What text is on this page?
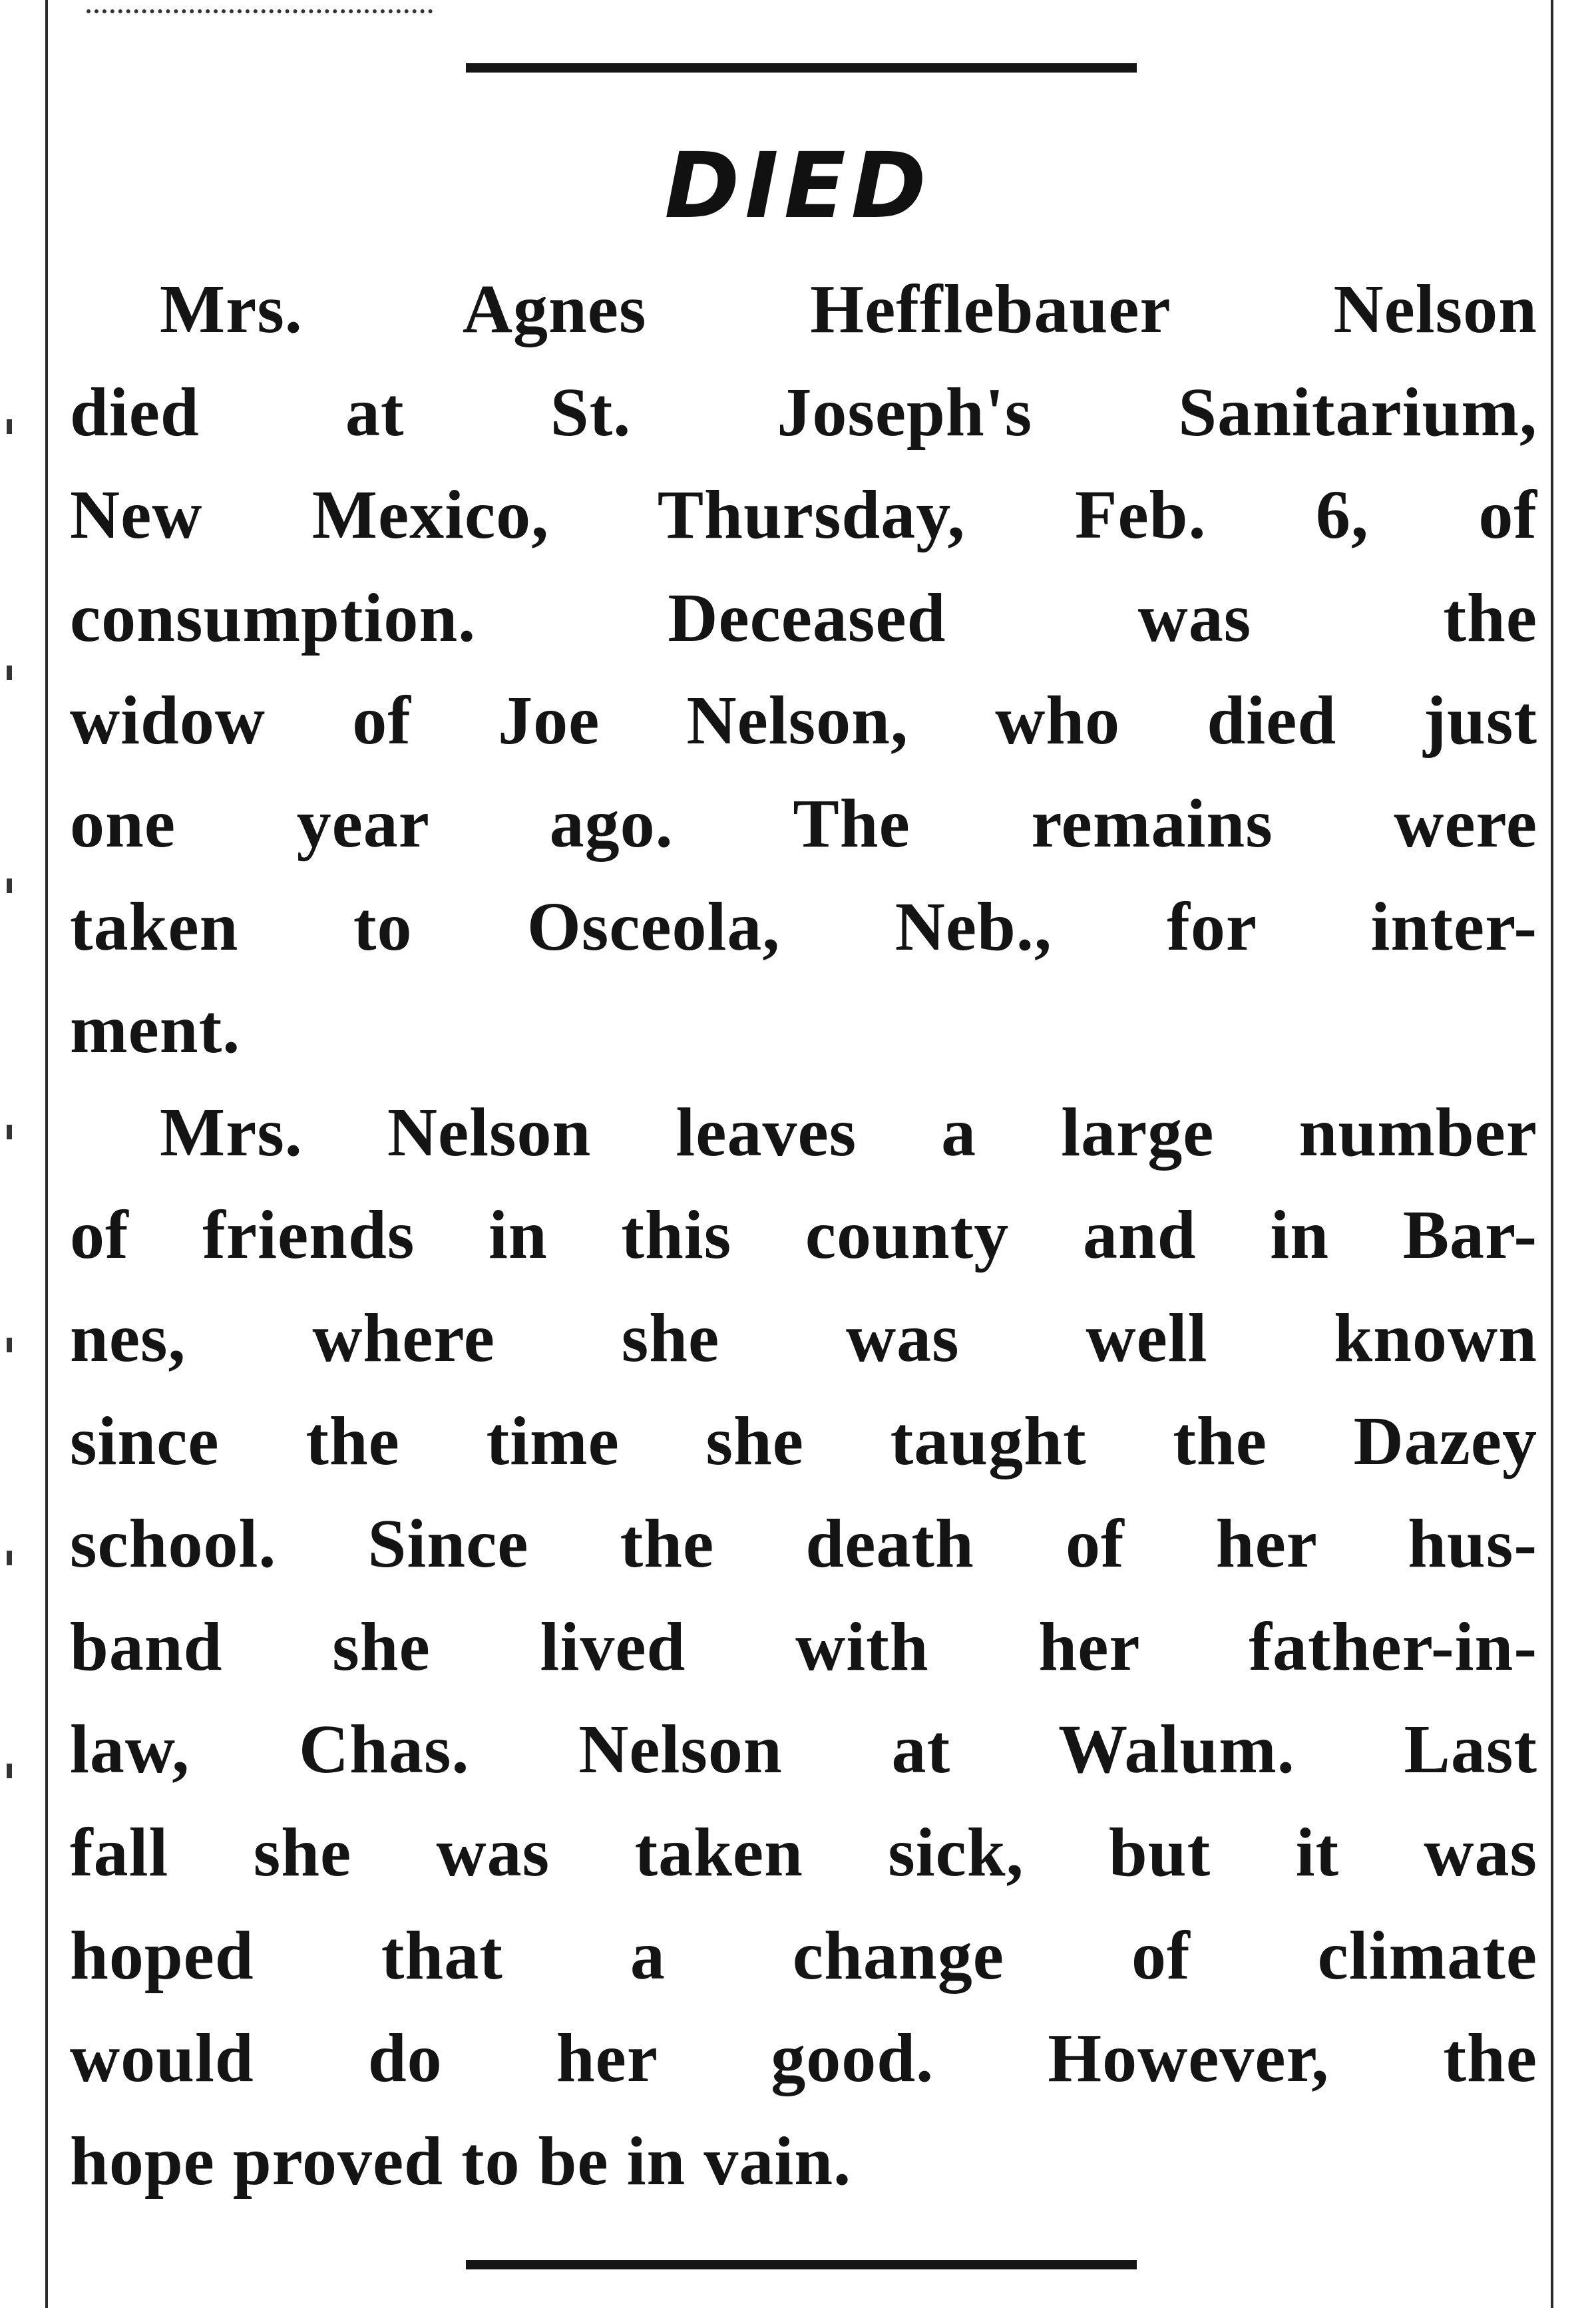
DIED
Mrs. Agnes Hefflebauer Nelson
died at St. Joseph's Sanitarium,
New Mexico, Thursday, Feb. 6, of
consumption. Deceased was the
widow of Joe Nelson, who died just
one year ago. The remains were
taken to Osceola, Neb., for inter-
ment.
Mrs. Nelson leaves a large number
of friends in this county and in Bar-
nes, where she was well known
since the time she taught the Dazey
school. Since the death of her hus-
band she lived with her father-in-
law, Chas. Nelson at Walum. Last
fall she was taken sick, but it was
hoped that a change of climate
would do her good. However, the
hope proved to be in vain.
